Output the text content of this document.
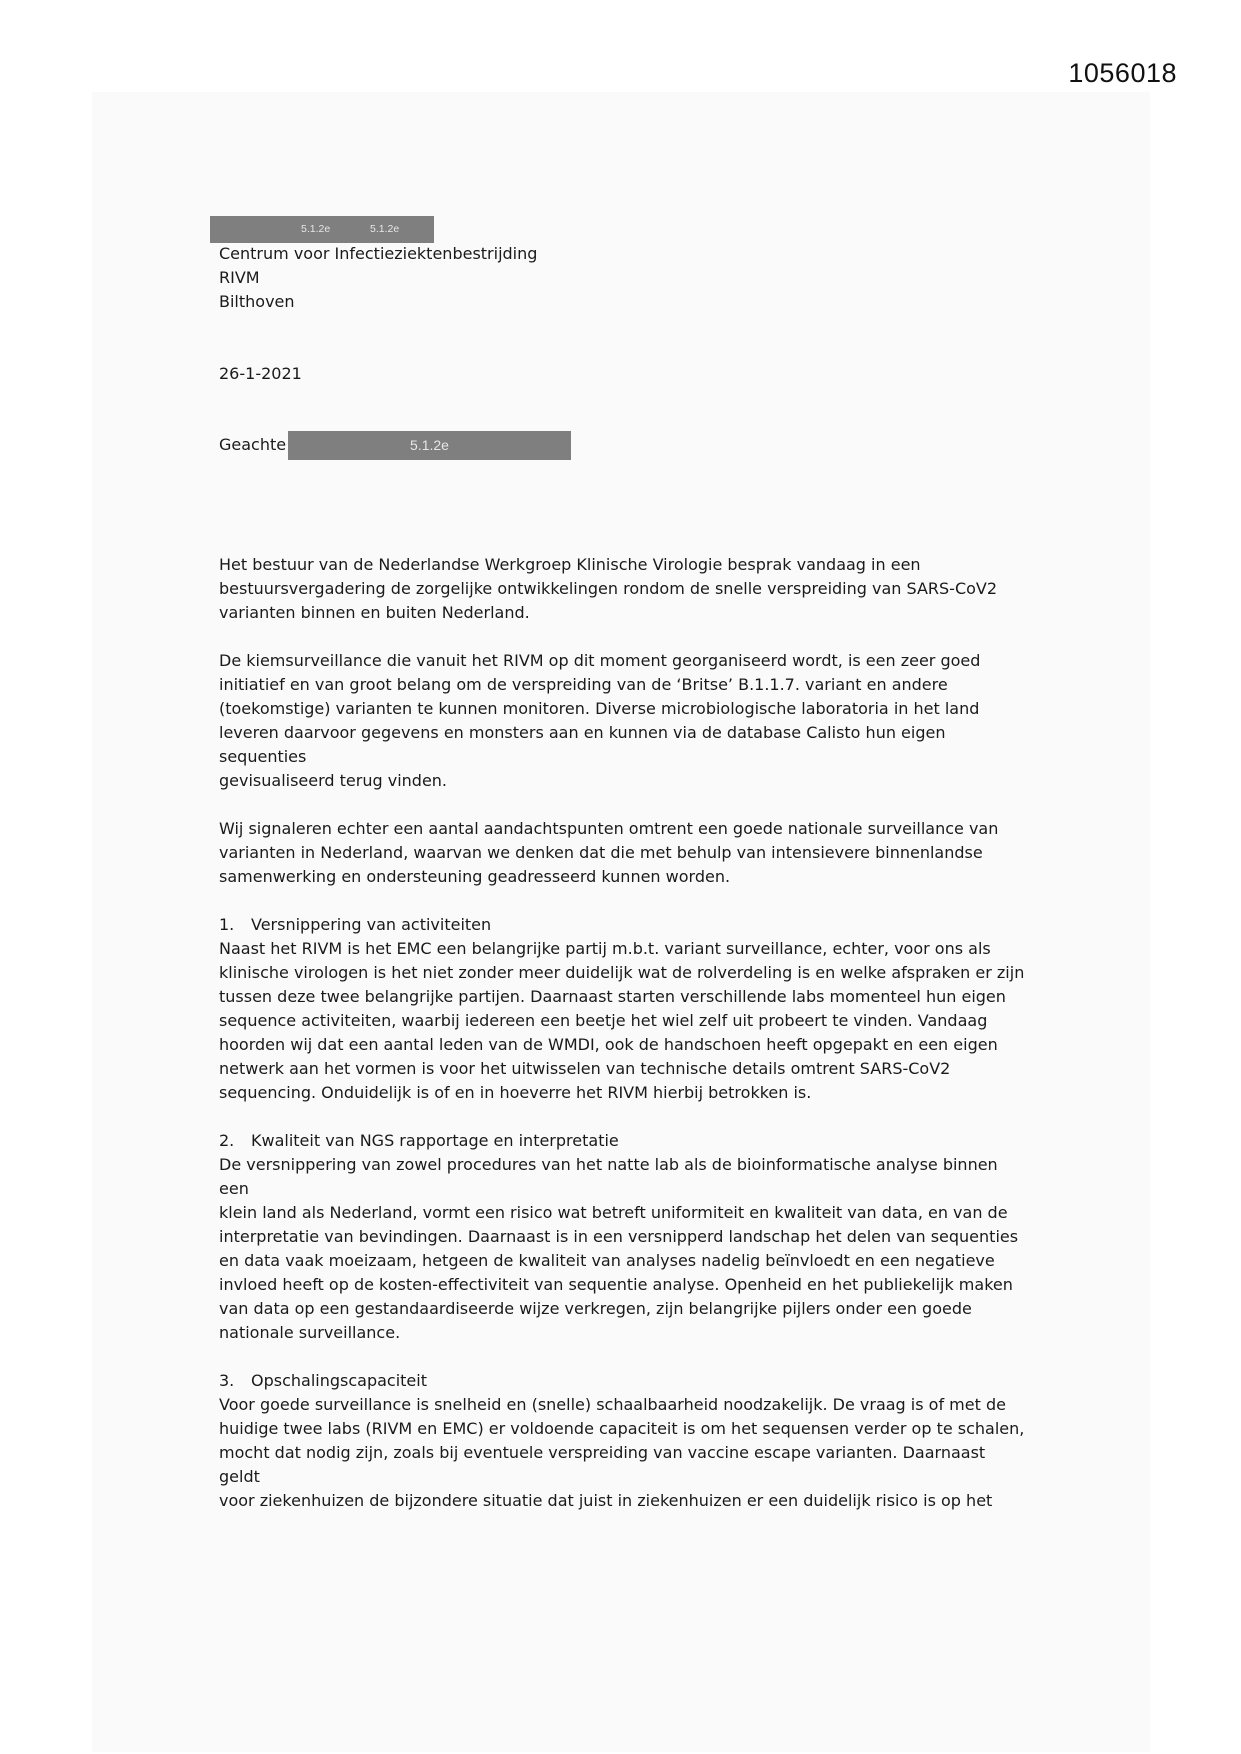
1056018
5.1.2e	5.1.2e
Centrum voor Infectieziektenbestrijding
RIVM
Bilthoven
26-1-2021
Geachte	5.1.2e

Het bestuur van de Nederlandse Werkgroep Klinische Virologie besprak vandaag in een
bestuursvergadering de zorgelijke ontwikkelingen rondom de snelle verspreiding van SARS-CoV2
varianten binnen en buiten Nederland.

De kiemsurveillance die vanuit het RIVM op dit moment georganiseerd wordt, is een zeer goed
initiatief en van groot belang om de verspreiding van de ‘Britse’ B.1.1.7. variant en andere
(toekomstige) varianten te kunnen monitoren. Diverse microbiologische laboratoria in het land
leveren daarvoor gegevens en monsters aan en kunnen via de database Calisto hun eigen sequenties
gevisualiseerd terug vinden.

Wij signaleren echter een aantal aandachtspunten omtrent een goede nationale surveillance van
varianten in Nederland, waarvan we denken dat die met behulp van intensievere binnenlandse
samenwerking en ondersteuning geadresseerd kunnen worden.

1. Versnippering van activiteiten
Naast het RIVM is het EMC een belangrijke partij m.b.t. variant surveillance, echter, voor ons als
klinische virologen is het niet zonder meer duidelijk wat de rolverdeling is en welke afspraken er zijn
tussen deze twee belangrijke partijen. Daarnaast starten verschillende labs momenteel hun eigen
sequence activiteiten, waarbij iedereen een beetje het wiel zelf uit probeert te vinden. Vandaag
hoorden wij dat een aantal leden van de WMDI, ook de handschoen heeft opgepakt en een eigen
netwerk aan het vormen is voor het uitwisselen van technische details omtrent SARS-CoV2
sequencing. Onduidelijk is of en in hoeverre het RIVM hierbij betrokken is.

2. Kwaliteit van NGS rapportage en interpretatie
De versnippering van zowel procedures van het natte lab als de bioinformatische analyse binnen een
klein land als Nederland, vormt een risico wat betreft uniformiteit en kwaliteit van data, en van de
interpretatie van bevindingen. Daarnaast is in een versnipperd landschap het delen van sequenties
en data vaak moeizaam, hetgeen de kwaliteit van analyses nadelig beïnvloedt en een negatieve
invloed heeft op de kosten-effectiviteit van sequentie analyse. Openheid en het publiekelijk maken
van data op een gestandaardiseerde wijze verkregen, zijn belangrijke pijlers onder een goede
nationale surveillance.

3. Opschalingscapaciteit
Voor goede surveillance is snelheid en (snelle) schaalbaarheid noodzakelijk. De vraag is of met de
huidige twee labs (RIVM en EMC) er voldoende capaciteit is om het sequensen verder op te schalen,
mocht dat nodig zijn, zoals bij eventuele verspreiding van vaccine escape varianten. Daarnaast geldt
voor ziekenhuizen de bijzondere situatie dat juist in ziekenhuizen er een duidelijk risico is op het
